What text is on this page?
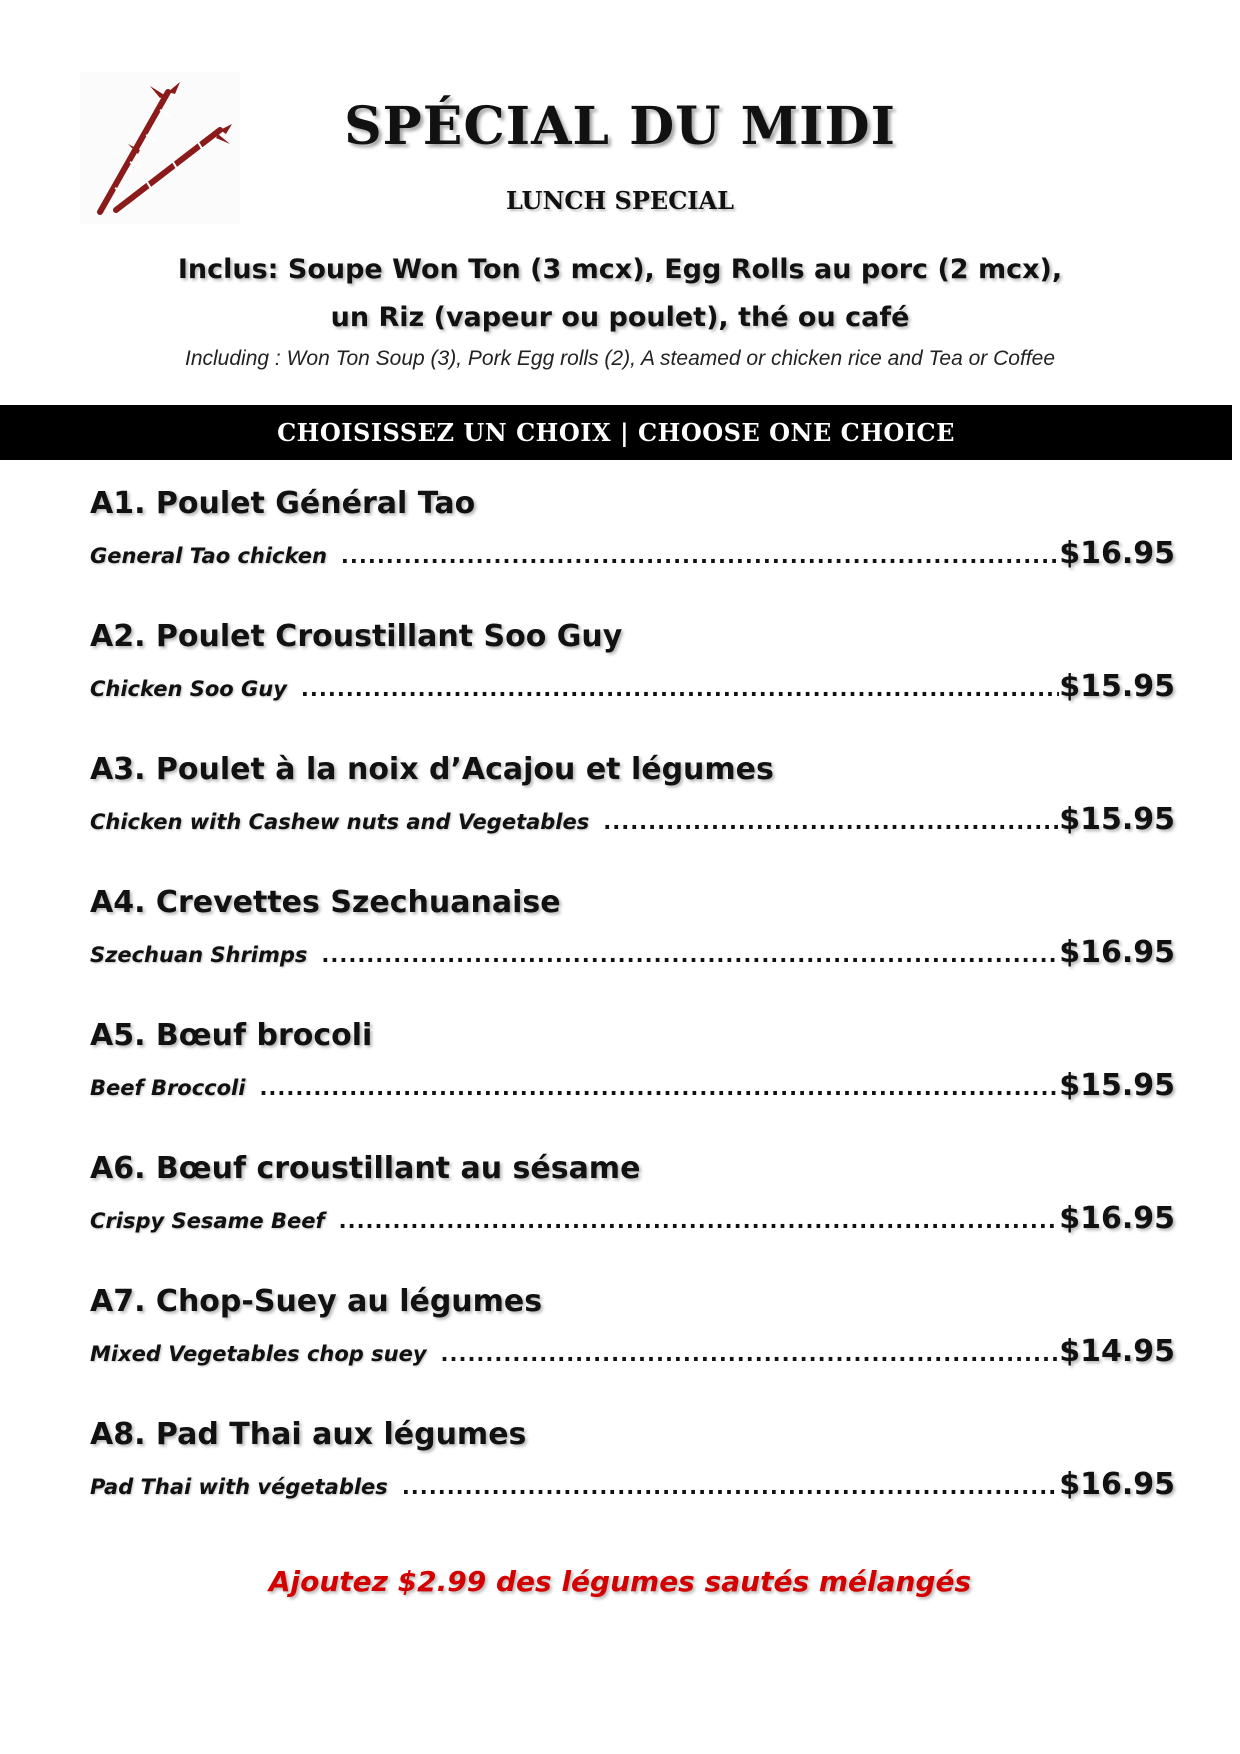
SPÉCIAL DU MIDI
LUNCH SPECIAL
Inclus: Soupe Won Ton (3 mcx), Egg Rolls au porc (2 mcx),
un Riz (vapeur ou poulet), thé ou café
Including : Won Ton Soup (3), Pork Egg rolls (2), A steamed or chicken rice and Tea or Coffee
CHOISISSEZ UN CHOIX | CHOOSE ONE CHOICE
A1. Poulet Général Tao
General Tao chicken .....	$16.95
A2. Poulet Croustillant Soo Guy
Chicken Soo Guy .....	$15.95
A3. Poulet à la noix d’Acajou et légumes
Chicken with Cashew nuts and Vegetables .....	$15.95
A4. Crevettes Szechuanaise
Szechuan Shrimps .....	$16.95
A5. Bœuf brocoli
Beef Broccoli .....	$15.95
A6. Bœuf croustillant au sésame
Crispy Sesame Beef .....	$16.95
A7. Chop-Suey au légumes
Mixed Vegetables chop suey .....	$14.95
A8. Pad Thai aux légumes
Pad Thai with végetables .....	$16.95
Ajoutez $2.99 des légumes sautés mélangés
